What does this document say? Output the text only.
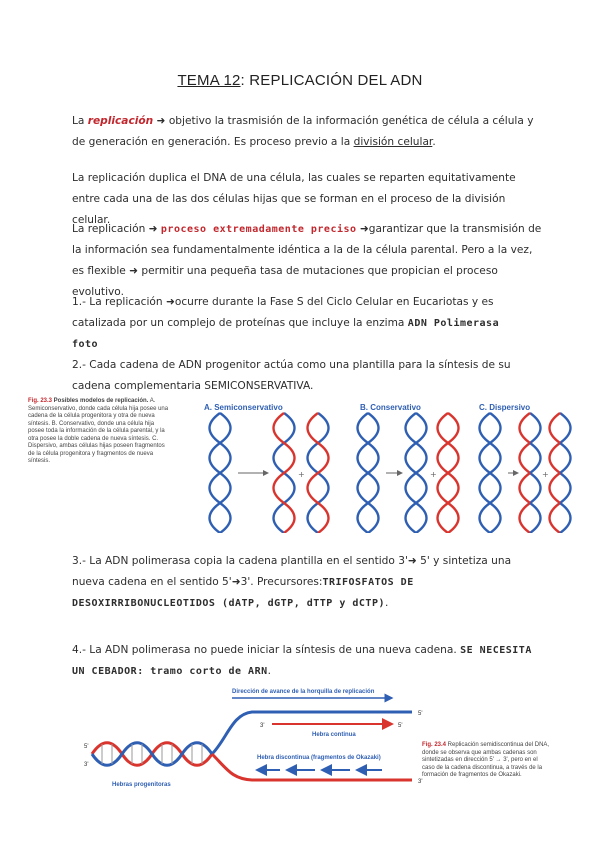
TEMA 12: REPLICACIÓN DEL ADN
La replicación ➜ objetivo la trasmisión de la información genética de célula a célula y de generación en generación. Es proceso previo a la división celular.
La replicación duplica el DNA de una célula, las cuales se reparten equitativamente entre cada una de las dos células hijas que se forman en el proceso de la división celular.
La replicación ➜ proceso extremadamente preciso ➜garantizar que la transmisión de la información sea fundamentalmente idéntica a la de la célula parental. Pero a la vez, es flexible ➜ permitir una pequeña tasa de mutaciones que propician el proceso evolutivo.
1.- La replicación ➜ocurre durante la Fase S del Ciclo Celular en Eucariotas y es catalizada por un complejo de proteínas que incluye la enzima ADN Polimerasa
foto
2.- Cada cadena de ADN progenitor actúa como una plantilla para la síntesis de su cadena complementaria SEMICONSERVATIVA.
Fig. 23.3 Posibles modelos de replicación. A. Semiconservativo, donde cada célula hija posee una cadena de la célula progenitora y otra de nueva síntesis. B. Conservativo, donde una célula hija posee toda la información de la célula parental, y la otra posee la doble cadena de nueva síntesis. C. Dispersivo, ambas células hijas poseen fragmentos de la célula progenitora y fragmentos de nueva síntesis.
A. Semiconservativo	B. Conservativo	C. Dispersivo
+	+	+
3.- La ADN polimerasa copia la cadena plantilla en el sentido 3'➜ 5' y sintetiza una nueva cadena en el sentido 5'➜3'. Precursores:TRIFOSFATOS DE DESOXIRRIBONUCLEOTIDOS (dATP, dGTP, dTTP y dCTP).
4.- La ADN polimerasa no puede iniciar la síntesis de una nueva cadena. SE NECESITA UN CEBADOR: tramo corto de ARN.
Dirección de avance de la horquilla de replicación
Hebra continua
Hebra discontinua (fragmentos de Okazaki)
5'
3'	5'
3'
5'
3'
Hebras progenitoras
Fig. 23.4 Replicación semidiscontinua del DNA, donde se observa que ambas cadenas son sintetizadas en dirección 5' → 3', pero en el caso de la cadena discontinua, a través de la formación de fragmentos de Okazaki.
